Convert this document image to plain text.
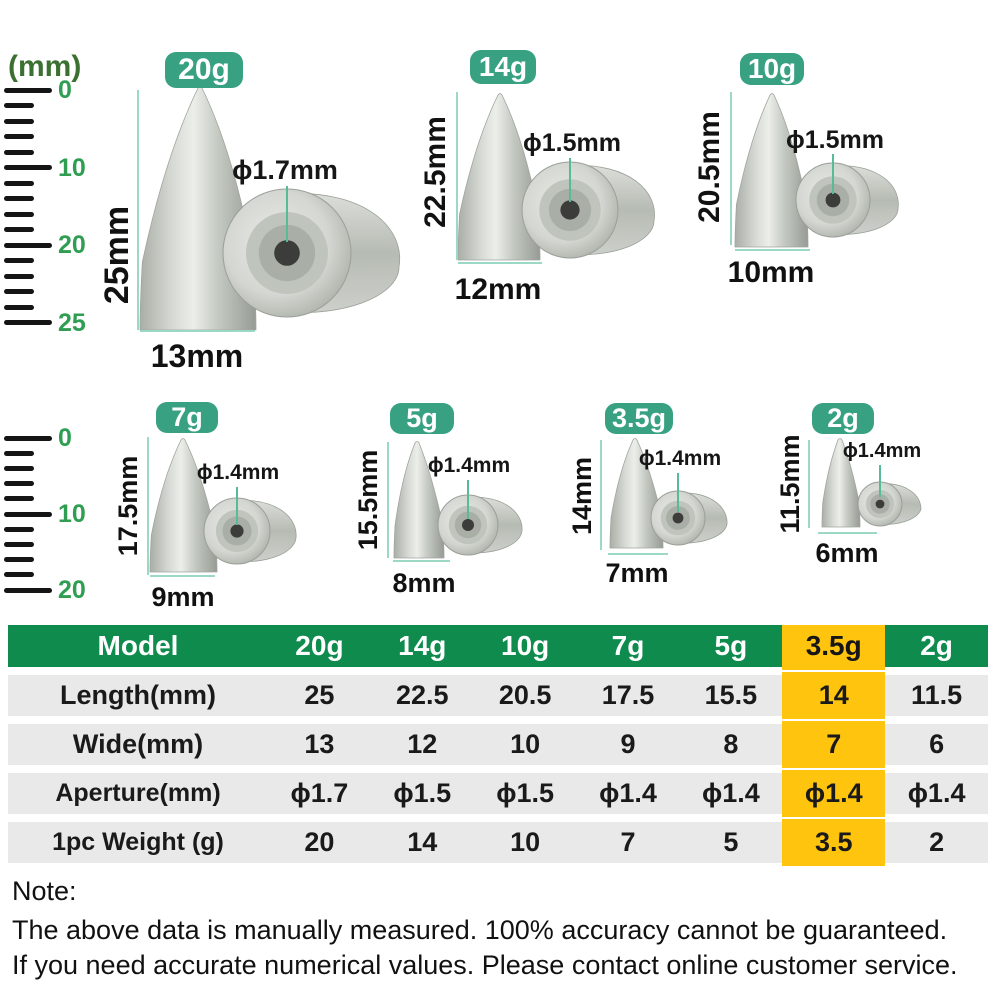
(mm)
0
10
20
25
0
10
20
Model	20g	14g	10g	7g	5g	3.5g	2g
Length(mm)	25	22.5	20.5	17.5	15.5	14	11.5
Wide(mm)	13	12	10	9	8	7	6
Aperture(mm)	ϕ1.7	ϕ1.5	ϕ1.5	ϕ1.4	ϕ1.4	ϕ1.4	ϕ1.4
1pc Weight (g)	20	14	10	7	5	3.5	2
Note:
The above data is manually measured. 100% accuracy cannot be guaranteed.
If you need accurate numerical values. Please contact online customer service.
20g
25mm
13mm
ϕ1.7mm
14g
22.5mm
12mm
ϕ1.5mm
10g
20.5mm
10mm
ϕ1.5mm
7g
17.5mm
9mm
ϕ1.4mm
5g
15.5mm
8mm
ϕ1.4mm
3.5g
14mm
7mm
ϕ1.4mm
2g
11.5mm
6mm
ϕ1.4mm
